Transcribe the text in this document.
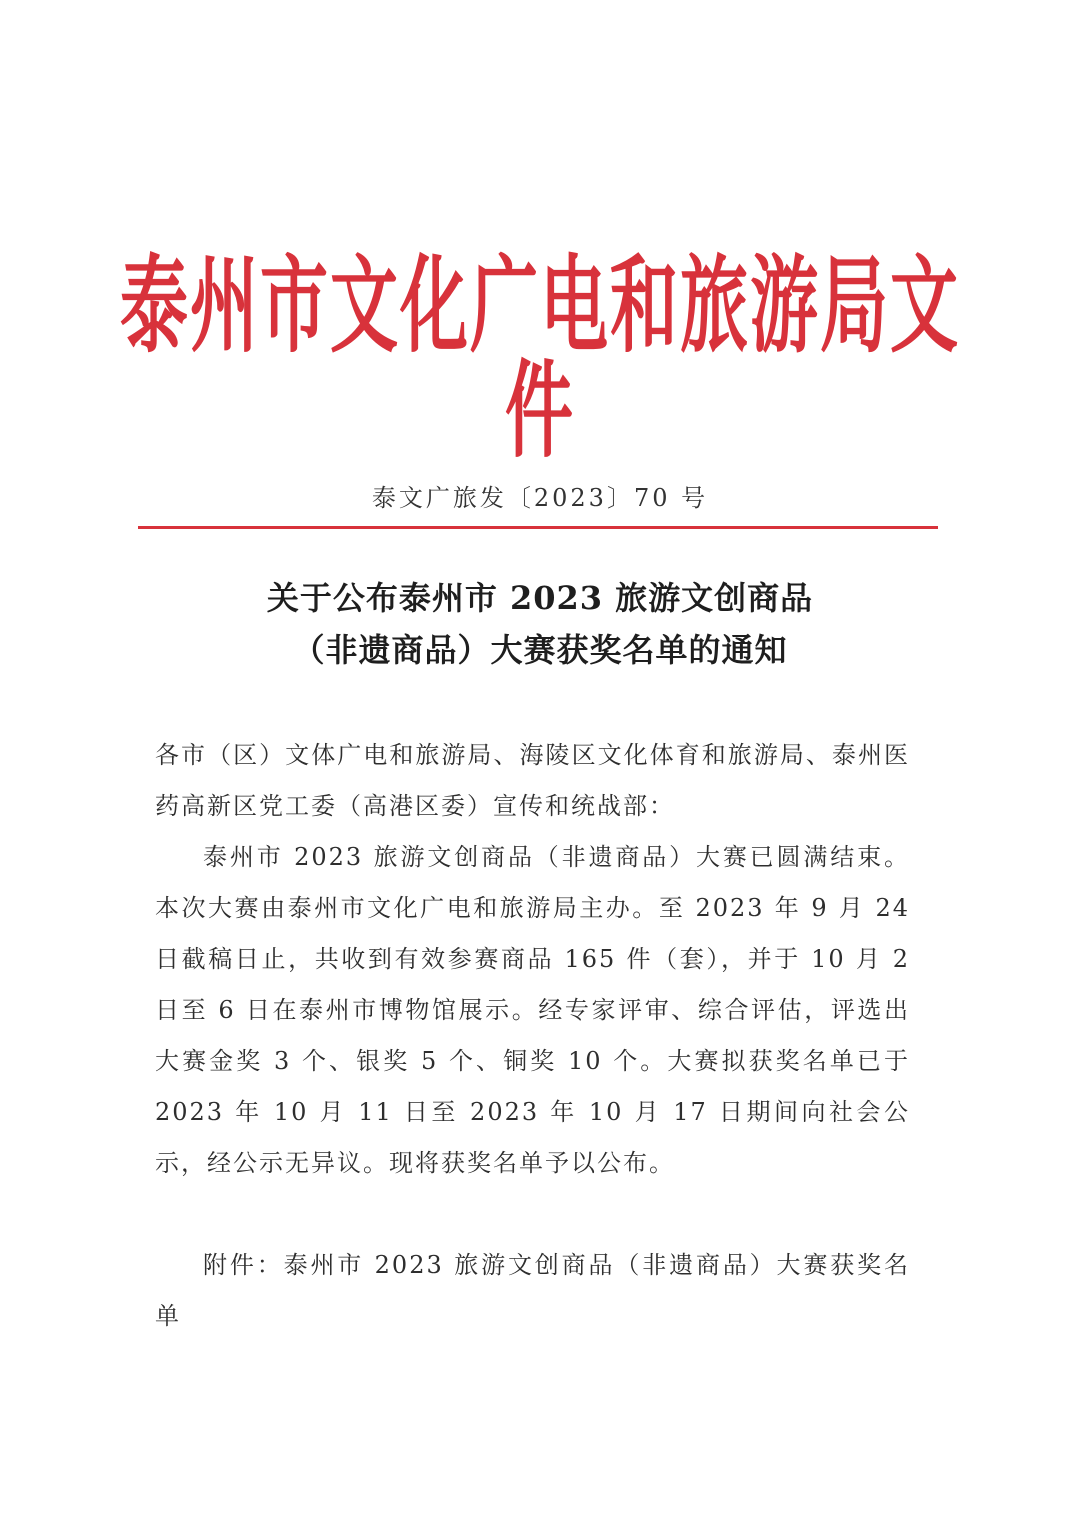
泰州市文化广电和旅游局文件
泰文广旅发〔2023〕70 号
关于公布泰州市 2023 旅游文创商品
（非遗商品）大赛获奖名单的通知

各市（区）文体广电和旅游局、海陵区文化体育和旅游局、泰州医药高新区党工委（高港区委）宣传和统战部：

泰州市 2023 旅游文创商品（非遗商品）大赛已圆满结束。本次大赛由泰州市文化广电和旅游局主办。至 2023 年 9 月 24 日截稿日止，共收到有效参赛商品 165 件（套），并于 10 月 2 日至 6 日在泰州市博物馆展示。经专家评审、综合评估，评选出大赛金奖 3 个、银奖 5 个、铜奖 10 个。大赛拟获奖名单已于 2023 年 10 月 11 日至 2023 年 10 月 17 日期间向社会公示，经公示无异议。现将获奖名单予以公布。

附件：泰州市 2023 旅游文创商品（非遗商品）大赛获奖名单
